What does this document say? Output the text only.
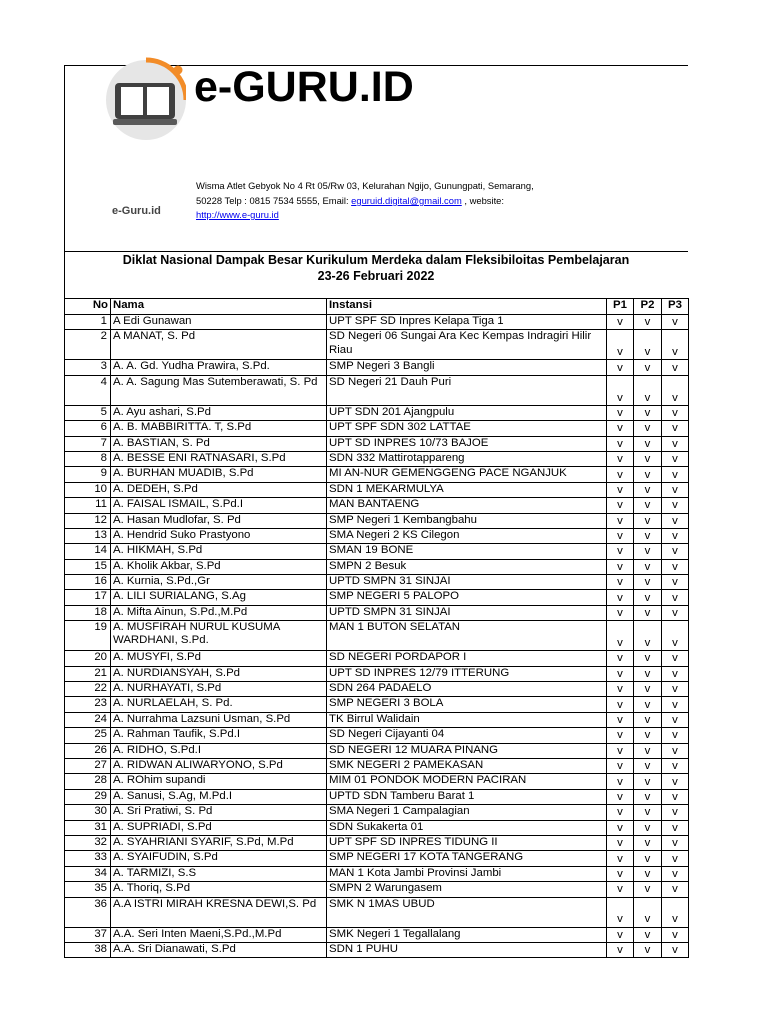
e-Guru.id
e-GURU.ID
Wisma Atlet Gebyok No 4 Rt 05/Rw 03, Kelurahan Ngijo, Gunungpati, Semarang,
50228 Telp : 0815 7534 5555, Email: eguruid.digital@gmail.com , website:
http://www.e-guru.id
Diklat Nasional Dampak Besar Kurikulum Merdeka dalam Fleksibiloitas Pembelajaran
23-26 Februari 2022
No	Nama	Instansi	P1	P2	P3
1	A Edi Gunawan	UPT SPF SD Inpres Kelapa Tiga 1	v	v	v
2	A MANAT, S. Pd	SD Negeri 06 Sungai Ara Kec Kempas Indragiri Hilir Riau	v	v	v
3	A. A. Gd. Yudha Prawira, S.Pd.	SMP Negeri 3 Bangli	v	v	v
4	A. A. Sagung Mas Sutemberawati, S. Pd	SD Negeri 21 Dauh Puri	v	v	v
5	A. Ayu ashari, S.Pd	UPT SDN 201 Ajangpulu	v	v	v
6	A. B. MABBIRITTA. T, S.Pd	UPT SPF SDN 302 LATTAE	v	v	v
7	A. BASTIAN, S. Pd	UPT SD INPRES 10/73 BAJOE	v	v	v
8	A. BESSE ENI RATNASARI, S.Pd	SDN 332 Mattirotappareng	v	v	v
9	A. BURHAN MUADIB, S.Pd	MI AN-NUR GEMENGGENG PACE NGANJUK	v	v	v
10	A. DEDEH, S.Pd	SDN 1 MEKARMULYA	v	v	v
11	A. FAISAL ISMAIL, S.Pd.I	MAN BANTAENG	v	v	v
12	A. Hasan Mudlofar, S. Pd	SMP Negeri 1 Kembangbahu	v	v	v
13	A. Hendrid Suko Prastyono	SMA Negeri 2 KS Cilegon	v	v	v
14	A. HIKMAH, S.Pd	SMAN 19 BONE	v	v	v
15	A. Kholik Akbar, S.Pd	SMPN 2 Besuk	v	v	v
16	A. Kurnia, S.Pd.,Gr	UPTD SMPN 31 SINJAI	v	v	v
17	A. LILI SURIALANG, S.Ag	SMP NEGERI 5 PALOPO	v	v	v
18	A. Mifta Ainun, S.Pd.,M.Pd	UPTD SMPN 31 SINJAI	v	v	v
19	A. MUSFIRAH NURUL KUSUMA WARDHANI, S.Pd.	MAN 1 BUTON SELATAN	v	v	v
20	A. MUSYFI, S.Pd	SD NEGERI PORDAPOR I	v	v	v
21	A. NURDIANSYAH, S.Pd	UPT SD INPRES 12/79 ITTERUNG	v	v	v
22	A. NURHAYATI, S.Pd	SDN 264 PADAELO	v	v	v
23	A. NURLAELAH, S. Pd.	SMP NEGERI 3 BOLA	v	v	v
24	A. Nurrahma Lazsuni Usman, S.Pd	TK Birrul Walidain	v	v	v
25	A. Rahman Taufik, S.Pd.I	SD Negeri Cijayanti 04	v	v	v
26	A. RIDHO, S.Pd.I	SD NEGERI 12 MUARA PINANG	v	v	v
27	A. RIDWAN ALIWARYONO, S.Pd	SMK NEGERI 2 PAMEKASAN	v	v	v
28	A. ROhim supandi	MIM 01 PONDOK MODERN PACIRAN	v	v	v
29	A. Sanusi, S.Ag, M.Pd.I	UPTD SDN Tamberu Barat 1	v	v	v
30	A. Sri Pratiwi, S. Pd	SMA Negeri 1 Campalagian	v	v	v
31	A. SUPRIADI, S.Pd	SDN Sukakerta 01	v	v	v
32	A. SYAHRIANI SYARIF, S.Pd, M.Pd	UPT SPF SD INPRES TIDUNG II	v	v	v
33	A. SYAIFUDIN, S.Pd	SMP NEGERI 17 KOTA TANGERANG	v	v	v
34	A. TARMIZI, S.S	MAN 1 Kota Jambi Provinsi Jambi	v	v	v
35	A. Thoriq, S.Pd	SMPN 2 Warungasem	v	v	v
36	A.A ISTRI MIRAH KRESNA DEWI,S. Pd	SMK N 1MAS UBUD	v	v	v
37	A.A. Seri Inten Maeni,S.Pd.,M.Pd	SMK Negeri 1 Tegallalang	v	v	v
38	A.A. Sri Dianawati, S.Pd	SDN 1 PUHU	v	v	v
